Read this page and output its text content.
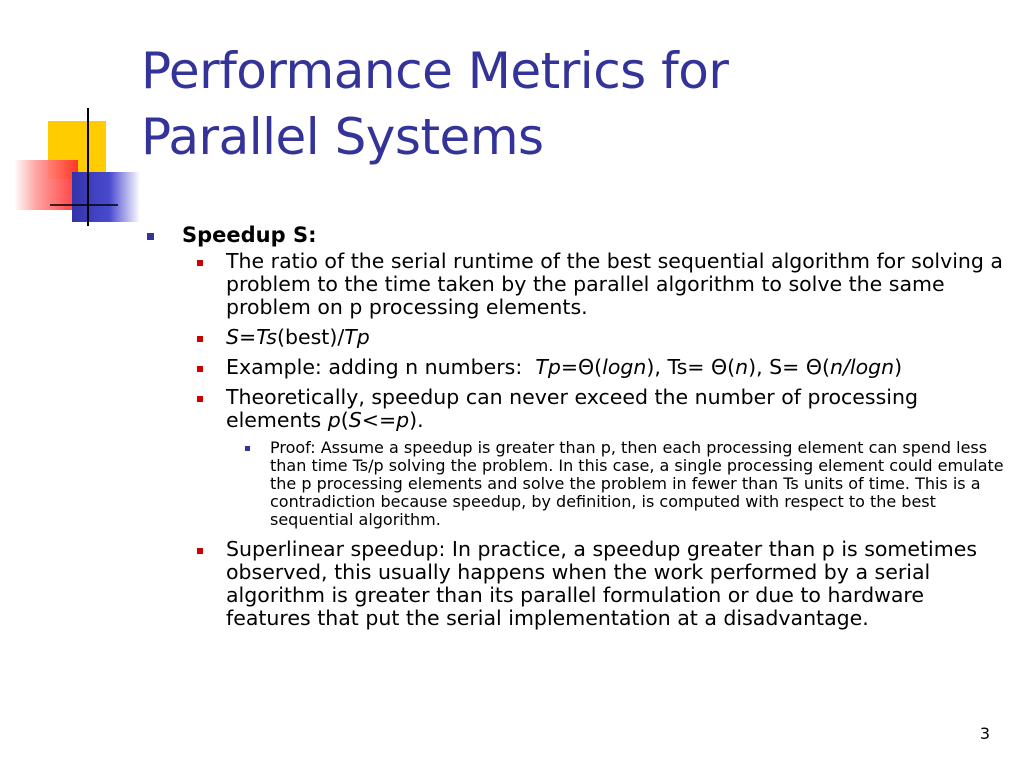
Performance Metrics for
Parallel Systems
Speedup S:
The ratio of the serial runtime of the best sequential algorithm for solving a problem to the time taken by the parallel algorithm to solve the same problem on p processing elements.
S=Ts(best)/Tp
Example: adding n numbers:  Tp=Θ(logn), Ts= Θ(n), S= Θ(n/logn)
Theoretically, speedup can never exceed the number of processing elements p(S<=p).
Proof: Assume a speedup is greater than p, then each processing element can spend less than time Ts/p solving the problem. In this case, a single processing element could emulate the p processing elements and solve the problem in fewer than Ts units of time. This is a contradiction because speedup, by definition, is computed with respect to the best sequential algorithm.
Superlinear speedup: In practice, a speedup greater than p is sometimes observed, this usually happens when the work performed by a serial algorithm is greater than its parallel formulation or due to hardware features that put the serial implementation at a disadvantage.
3
